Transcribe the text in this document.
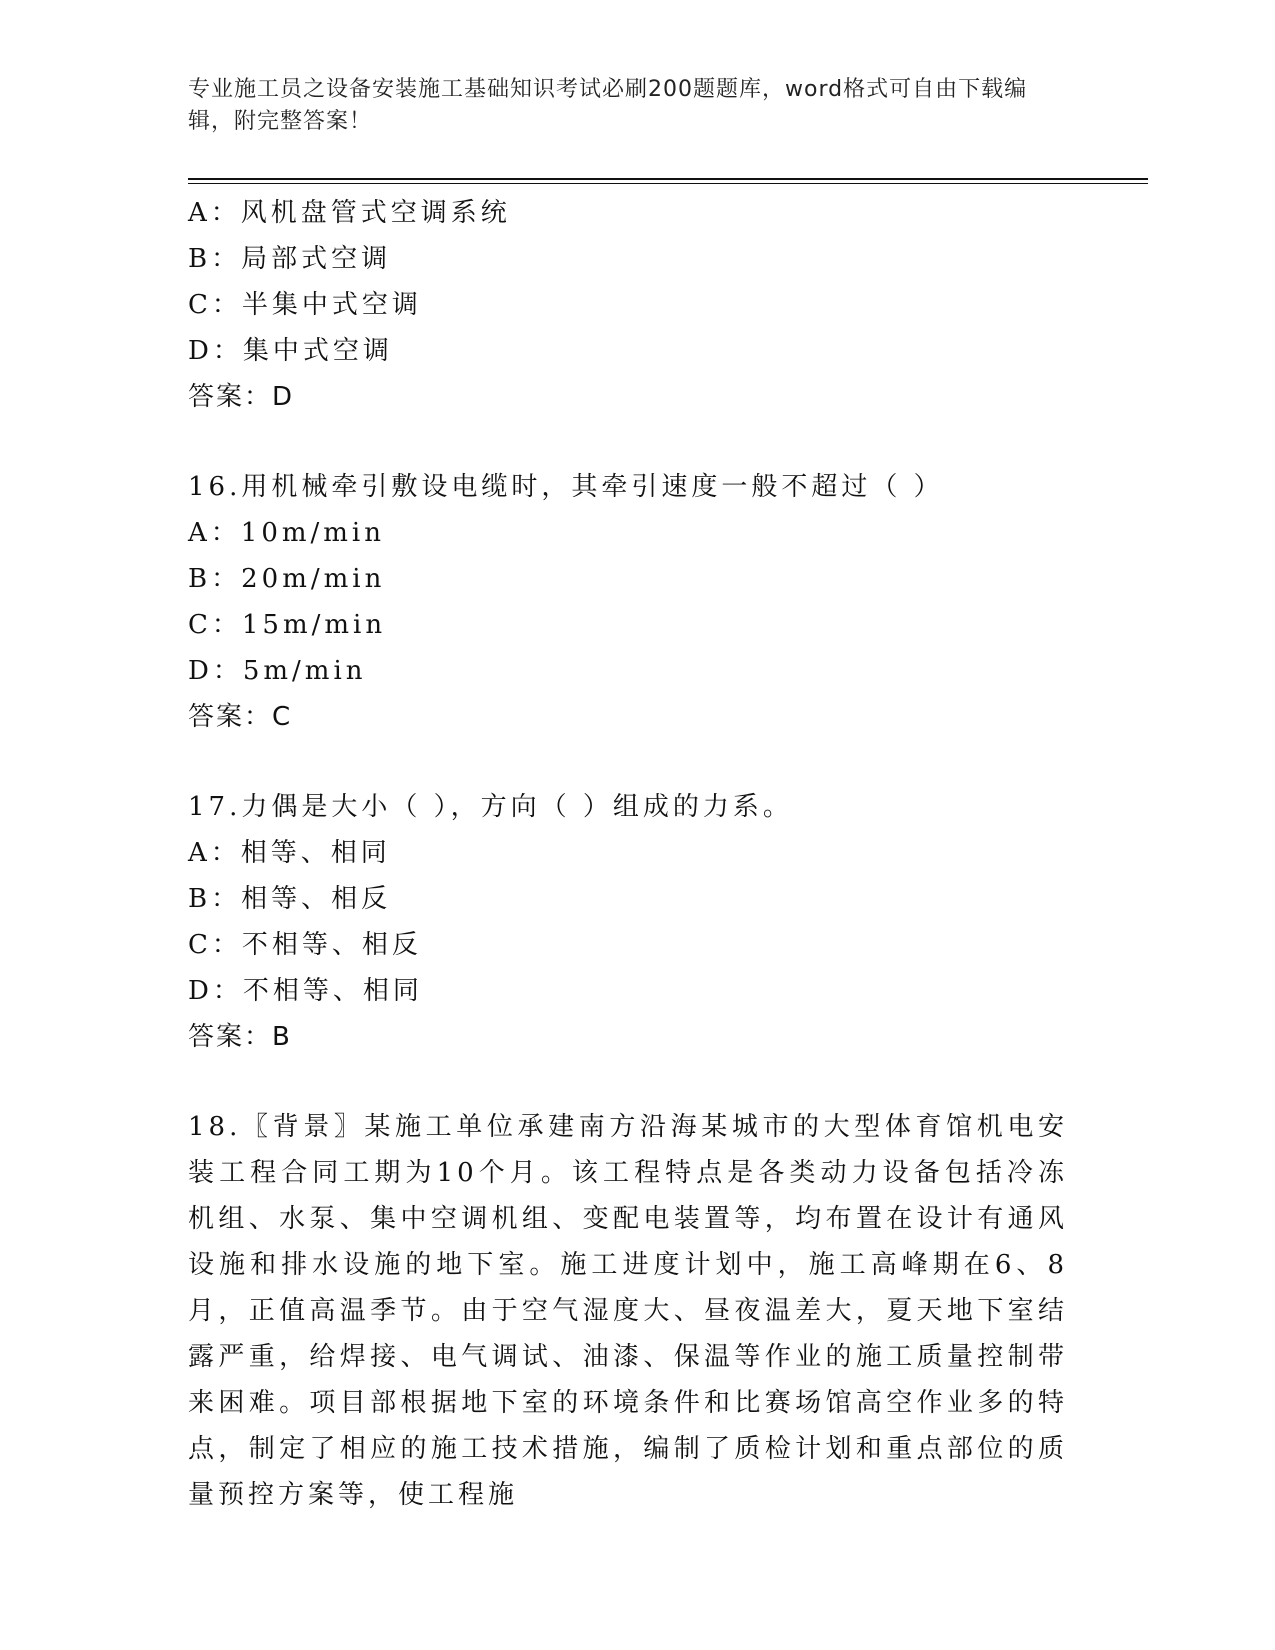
专业施工员之设备安装施工基础知识考试必刷200题题库，word格式可自由下载编辑，附完整答案！
A：风机盘管式空调系统
B：局部式空调
C：半集中式空调
D：集中式空调
答案：D
16.用机械牵引敷设电缆时，其牵引速度一般不超过（ ）
A：10m/min
B：20m/min
C：15m/min
D：5m/min
答案：C
17.力偶是大小（ ），方向（ ）组成的力系。
A：相等、相同
B：相等、相反
C：不相等、相反
D：不相等、相同
答案：B
18.〖背景〗某施工单位承建南方沿海某城市的大型体育馆机电安装工程合同工期为10个月。该工程特点是各类动力设备包括冷冻机组、水泵、集中空调机组、变配电装置等，均布置在设计有通风设施和排水设施的地下室。施工进度计划中，施工高峰期在6、8月，正值高温季节。由于空气湿度大、昼夜温差大，夏天地下室结露严重，给焊接、电气调试、油漆、保温等作业的施工质量控制带来困难。项目部根据地下室的环境条件和比赛场馆高空作业多的特点，制定了相应的施工技术措施，编制了质检计划和重点部位的质量预控方案等，使工程施
